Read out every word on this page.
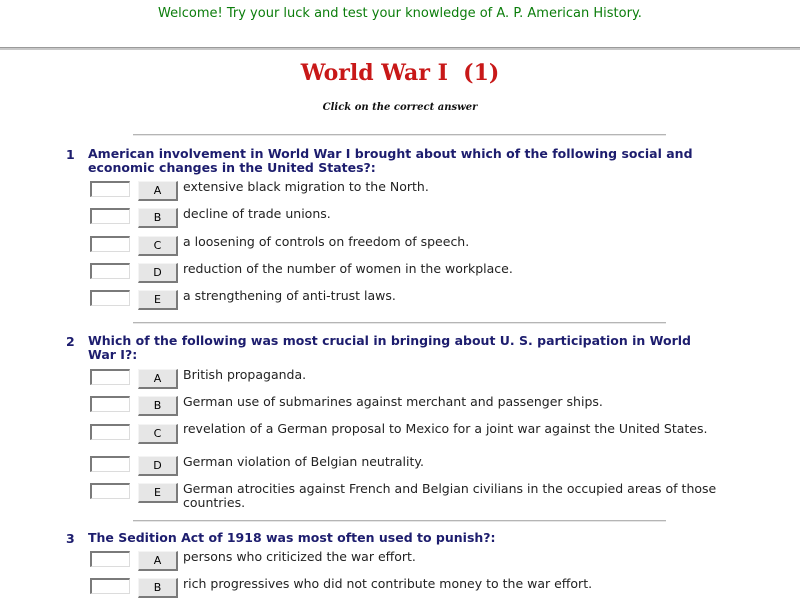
Welcome! Try your luck and test your knowledge of A. P. American History.
World War I  (1)
Click on the correct answer
1 American involvement in World War I brought about which of the following social and economic changes in the United States?:
A	extensive black migration to the North.
B	decline of trade unions.
C	a loosening of controls on freedom of speech.
D	reduction of the number of women in the workplace.
E	a strengthening of anti-trust laws.
2 Which of the following was most crucial in bringing about U. S. participation in World War I?:
A	British propaganda.
B	German use of submarines against merchant and passenger ships.
C	revelation of a German proposal to Mexico for a joint war against the United States.
D	German violation of Belgian neutrality.
E	German atrocities against French and Belgian civilians in the occupied areas of those countries.
3 The Sedition Act of 1918 was most often used to punish?:
A	persons who criticized the war effort.
B	rich progressives who did not contribute money to the war effort.
